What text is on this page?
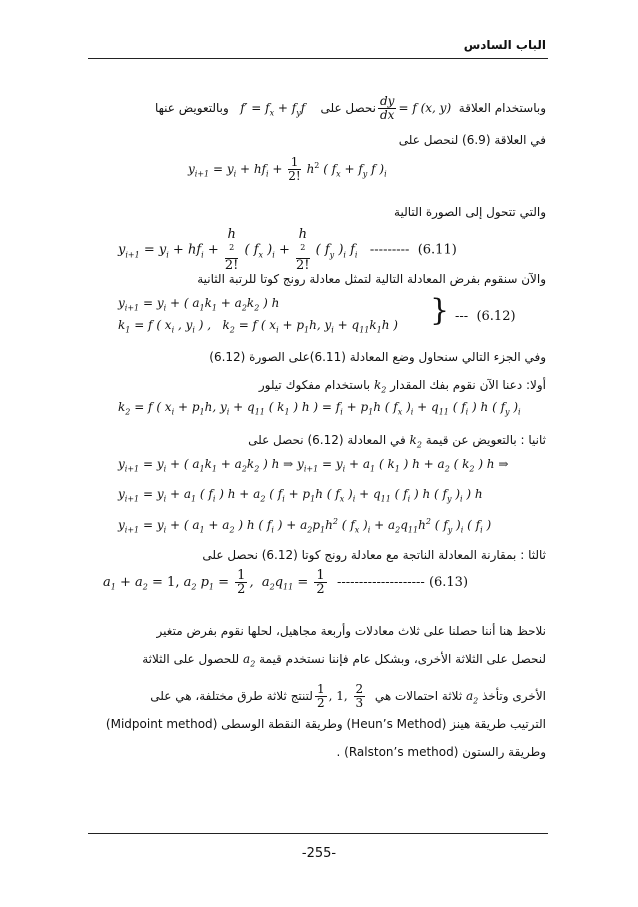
الباب السادس
وباستخدام العلاقة
$\frac{dy}{dx} = f$ (x, y) نحصل على    $f' = f_x + f_yf$   وبالتعويض عنها
في العلاقة (6.9) لنحصل على
$y_{i+1} = y_i + hf_i + \frac{1}{2!} h^2$ ( $f_x + f_y$ f )$_i$
والتي تتحول إلى الصورة التالية
$y_{i+1} = y_i + hf_i + h$
$^2$
2! ( $f_x$ )$_i + h$
$^2$
2! ( $f_y$ )$_i$ $f_i$ --------- (6.11)
والآن سنقوم بفرض المعادلة التالية لتمثل معادلة رونج كوتا للرتبة الثانية
$y_{i+1} = y_i$ + ( $a_1k_1 + a_2k_2$ ) h
$k_1 = f$ ( $x_i$ , $y_i$ ) ,   $k_2 = f$ ( $x_i + p_1h$, $y_i + q_{11}k_1h$ ) } --- (6.12)
وفي الجزء التالي سنحاول وضع المعادلة (6.11)على الصورة (6.12)
أولا: دعنا الآن نقوم بفك المقدار $k_2$ باستخدام مفكوك تيلور
$k_2 = f$ ( $x_i + p_1h$, $y_i + q_{11}$ ( $k_1$ ) h ) = $f_i + p_1h$ ( $f_x$ )$_i + q_{11}$ ( $f_i$ ) h ( $f_y$ )$_i$
ثانيا : بالتعويض عن قيمة $k_2$ في المعادلة (6.12) نحصل على
$y_{i+1} = y_i$ + ( $a_1k_1 + a_2k_2$ ) h ⇒ $y_{i+1} = y_i + a_1$ ( $k_1$ ) $h + a_2$ ( $k_2$ ) h ⇒
$y_{i+1} = y_i + a_1$ ( $f_i$ ) $h + a_2$ ( $f_i + p_1h$ ( $f_x$ )$_i + q_{11}$ ( $f_i$ ) h ( $f_y$ )$_i$ ) h
$y_{i+1} = y_i$ + ( $a_1 + a_2$ ) h ( $f_i$ ) + $a_2p_1h^2$ ( $f_x$ )$_i + a_2q_{11}h^2$ ( $f_y$ )$_i$ ( $f_i$ )
ثالثا : بمقارنة المعادلة الناتجة مع معادلة رونج كوتا (6.12) نحصل على
$a_1 + a_2 = 1$, $a_2$ $p_1 = \frac{1}{2}$ ,  $a_2q_{11} = \frac{1}{2}$ -------------------- (6.13)
نلاحظ هنا أننا حصلنا على ثلاث معادلات وأربعة مجاهيل، لحلها نقوم بفرض متغير
لنحصل على الثلاثة الأخرى، وبشكل عام فإننا نستخدم قيمة $a_2$ للحصول على الثلاثة
الأخرى وتأخذ $a_2$ ثلاثة احتمالات هي
$\frac{1}{2}$ , 1, $\frac{2}{3}$
لتنتج ثلاثة طرق مختلفة، هي على
الترتيب طريقة هينز (Heun’s Method) وطريقة النقطة الوسطى (Midpoint method)
وطريقة رالستون (Ralston’s method) .
-255-
